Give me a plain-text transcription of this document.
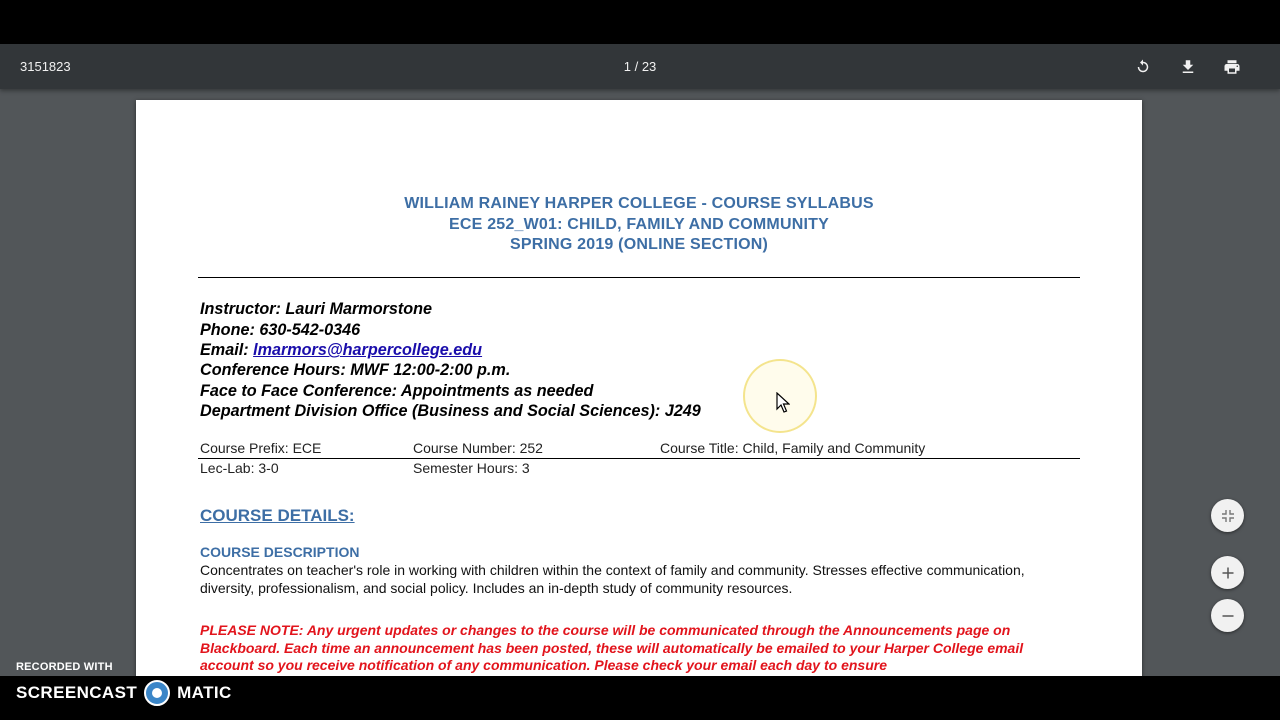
3151823	1 / 23
WILLIAM RAINEY HARPER COLLEGE - COURSE SYLLABUS
ECE 252_W01: CHILD, FAMILY AND COMMUNITY
SPRING 2019 (ONLINE SECTION)
Instructor: Lauri Marmorstone
Phone: 630-542-0346
Email: lmarmors@harpercollege.edu
Conference Hours: MWF 12:00-2:00 p.m.
Face to Face Conference: Appointments as needed
Department Division Office (Business and Social Sciences): J249
Course Prefix: ECE	Course Number: 252	Course Title: Child, Family and Community
Lec-Lab: 3-0	Semester Hours: 3
COURSE DETAILS:
COURSE DESCRIPTION
Concentrates on teacher's role in working with children within the context of family and community. Stresses effective communication, diversity, professionalism, and social policy. Includes an in-depth study of community resources.
PLEASE NOTE: Any urgent updates or changes to the course will be communicated through the Announcements page on Blackboard. Each time an announcement has been posted, these will automatically be emailed to your Harper College email account so you receive notification of any communication. Please check your email each day to ensure
RECORDED WITH
SCREENCAST MATIC
